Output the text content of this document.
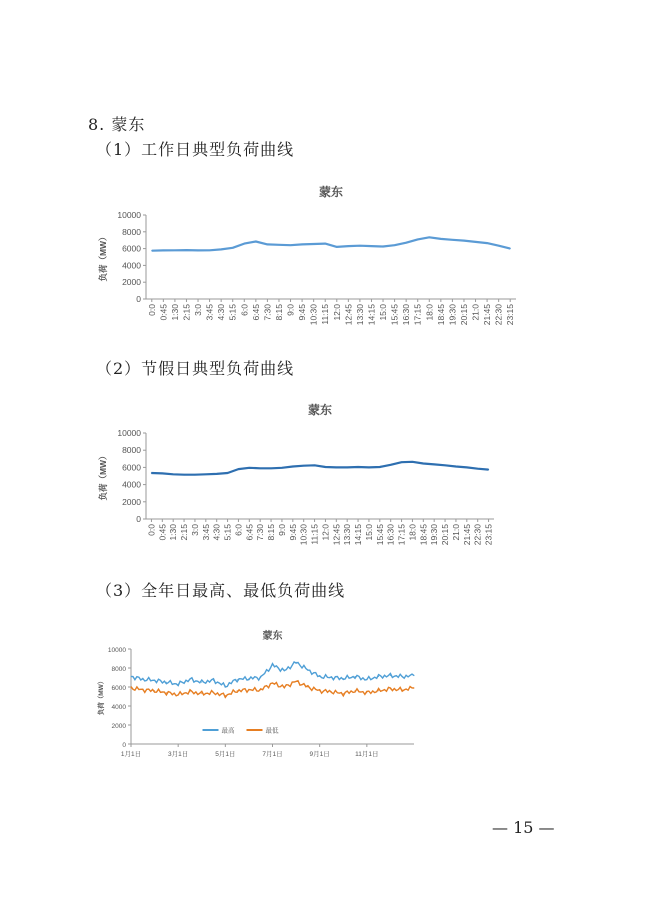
8. 蒙东
（1）工作日典型负荷曲线
（2）节假日典型负荷曲线
（3）全年日最高、最低负荷曲线
蒙东
0
2000
4000
6000
8000
10000
负荷（MW）
0:0 0:45 1:30 2:15 3:0 3:45 4:30 5:15 6:0 6:45 7:30 8:15 9:0 9:45 10:30 11:15 12:0 12:45 13:30 14:15 15:0 15:45 16:30 17:15 18:0 18:45 19:30 20:15 21:0 21:45 22:30 23:15
蒙东
0
2000
4000
6000
8000
10000
负荷（MW）
0:0 0:45 1:30 2:15 3:0 3:45 4:30 5:15 6:0 6:45 7:30 8:15 9:0 9:45 10:30 11:15 12:0 12:45 13:30 14:15 15:0 15:45 16:30 17:15 18:0 18:45 19:30 20:15 21:0 21:45 22:30 23:15
蒙东
0
2000
4000
6000
8000
10000
负荷（MW）
1月1日	3月1日	5月1日	7月1日	9月1日	11月1日
最高	最低
— 15 —
